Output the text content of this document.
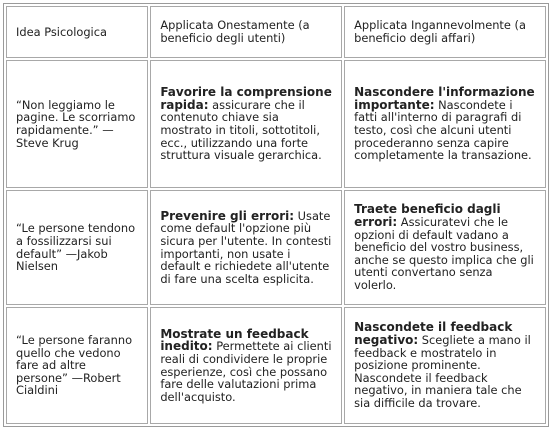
Idea Psicologica	Applicata Onestamente (a beneficio degli utenti)	Applicata Ingannevolmente (a beneficio degli affari)
“Non leggiamo le pagine. Le scorriamo rapidamente.” — Steve Krug	Favorire la comprensione rapida: assicurare che il contenuto chiave sia mostrato in titoli, sottotitoli, ecc., utilizzando una forte struttura visuale gerarchica.	Nascondere l'informazione importante: Nascondete i fatti all'interno di paragrafi di testo, così che alcuni utenti procederanno senza capire completamente la transazione.
“Le persone tendono a fossilizzarsi sui default” —Jakob Nielsen	Prevenire gli errori: Usate come default l'opzione più sicura per l'utente. In contesti importanti, non usate i default e richiedete all'utente di fare una scelta esplicita.	Traete beneficio dagli errori: Assicuratevi che le opzioni di default vadano a beneficio del vostro business, anche se questo implica che gli utenti convertano senza volerlo.
“Le persone faranno quello che vedono fare ad altre persone” —Robert Cialdini	Mostrate un feedback inedito: Permettete ai clienti reali di condividere le proprie esperienze, così che possano fare delle valutazioni prima dell'acquisto.	Nascondete il feedback negativo: Scegliete a mano il feedback e mostratelo in posizione prominente. Nascondete il feedback negativo, in maniera tale che sia difficile da trovare.
